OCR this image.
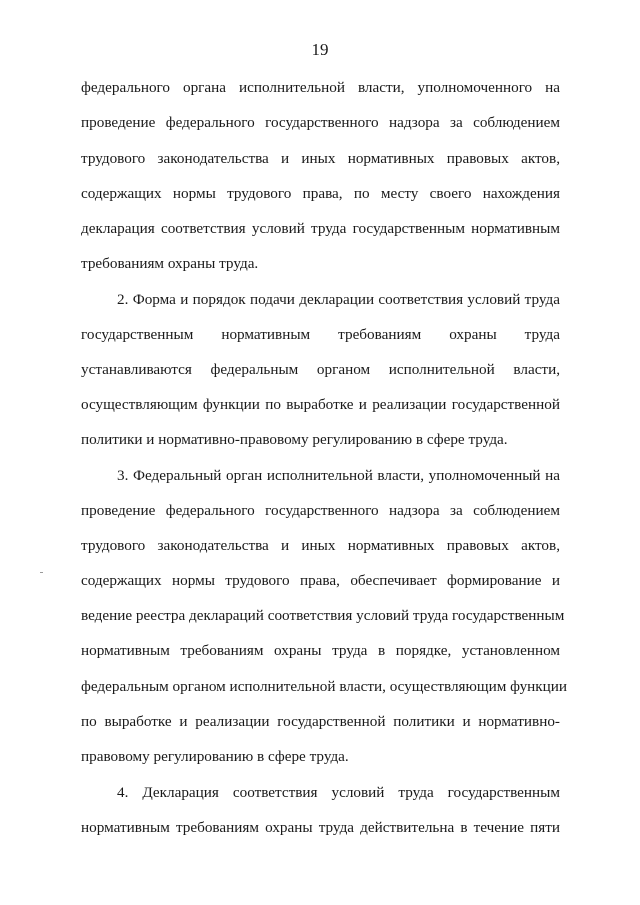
19
федерального органа исполнительной власти, уполномоченного на
проведение федерального государственного надзора за соблюдением
трудового законодательства и иных нормативных правовых актов,
содержащих нормы трудового права, по месту своего нахождения
декларация соответствия условий труда государственным нормативным
требованиям охраны труда.
2. Форма и порядок подачи декларации соответствия условий труда
государственным нормативным требованиям охраны труда
устанавливаются федеральным органом исполнительной власти,
осуществляющим функции по выработке и реализации государственной
политики и нормативно-правовому регулированию в сфере труда.
3. Федеральный орган исполнительной власти, уполномоченный на
проведение федерального государственного надзора за соблюдением
трудового законодательства и иных нормативных правовых актов,
содержащих нормы трудового права, обеспечивает формирование и
ведение реестра деклараций соответствия условий труда государственным
нормативным требованиям охраны труда в порядке, установленном
федеральным органом исполнительной власти, осуществляющим функции
по выработке и реализации государственной политики и нормативно-
правовому регулированию в сфере труда.
4. Декларация соответствия условий труда государственным
нормативным требованиям охраны труда действительна в течение пяти
